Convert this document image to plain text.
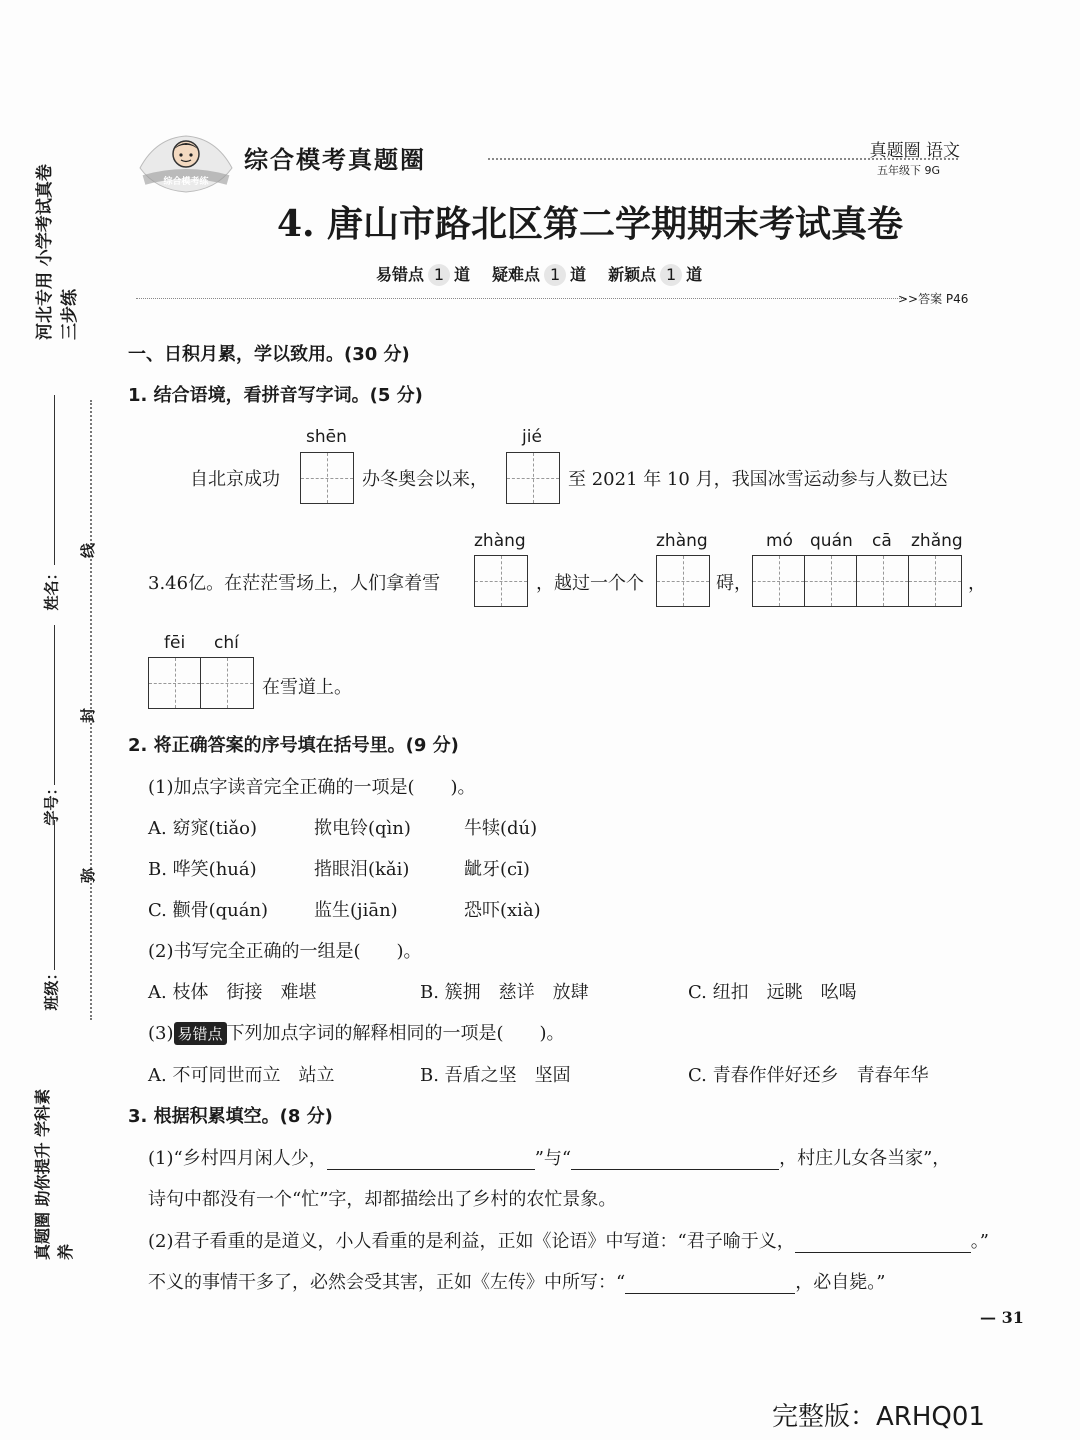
河北专用 小学考试真卷 三步练
线
封
弥
姓名：
学号：
班级：
真题圈 助你提升 学科素养
综合模考练
综合模考真题圈	真题圈 语文
五年级下 9G
4. 唐山市路北区第二学期期末考试真卷
易错点 1 道 疑难点 1 道 新颖点 1 道
>>答案 P46
一、日积月累，学以致用。(30 分)
1. 结合语境，看拼音写字词。(5 分)
shēn	jié
自北京成功	办冬奥会以来，	至 2021 年 10 月，我国冰雪运动参与人数已达
zhàng	zhàng	mó quán cā zhǎng
3.46亿。在茫茫雪场上，人们拿着雪	，越过一个个	碍，	，
fēi chí
在雪道上。
2. 将正确答案的序号填在括号里。(9 分)
(1)加点字读音完全正确的一项是(　　)。
A. 窈窕(tiǎo)	揿电铃(qìn)	牛犊(dú)
B. 哗笑(huá)	揩眼泪(kǎi)	龇牙(cī)
C. 颧骨(quán)	监生(jiān)	恐吓(xià)
(2)书写完全正确的一组是(　　)。
A. 枝体　街接　难堪	B. 簇拥　慈详　放肆	C. 纽扣　远眺　吆喝
(3) 易错点 下列加点字词的解释相同的一项是(　　)。
A. 不可同世而立　站立	B. 吾盾之坚　坚固	C. 青春作伴好还乡　青春年华
3. 根据积累填空。(8 分)
(1)“乡村四月闲人少，	”与“	，村庄儿女各当家”，
诗句中都没有一个“忙”字，却都描绘出了乡村的农忙景象。
(2)君子看重的是道义，小人看重的是利益，正如《论语》中写道：“君子喻于义，	。”
不义的事情干多了，必然会受其害，正如《左传》中所写：“	，必自毙。”
— 31
完整版：ARHQ01
